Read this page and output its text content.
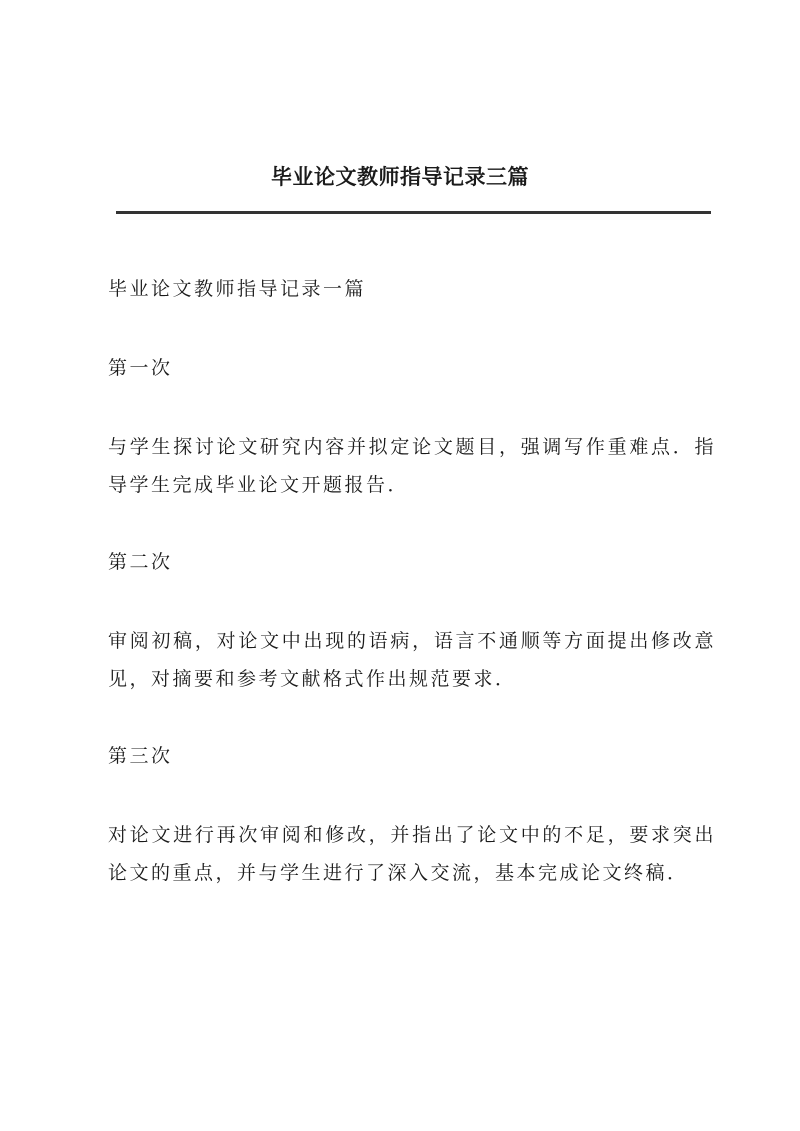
毕业论文教师指导记录三篇

毕业论文教师指导记录一篇

第一次

与学生探讨论文研究内容并拟定论文题目，强调写作重难点．指导学生完成毕业论文开题报告．

第二次

审阅初稿，对论文中出现的语病，语言不通顺等方面提出修改意见，对摘要和参考文献格式作出规范要求．

第三次

对论文进行再次审阅和修改，并指出了论文中的不足，要求突出论文的重点，并与学生进行了深入交流，基本完成论文终稿．
